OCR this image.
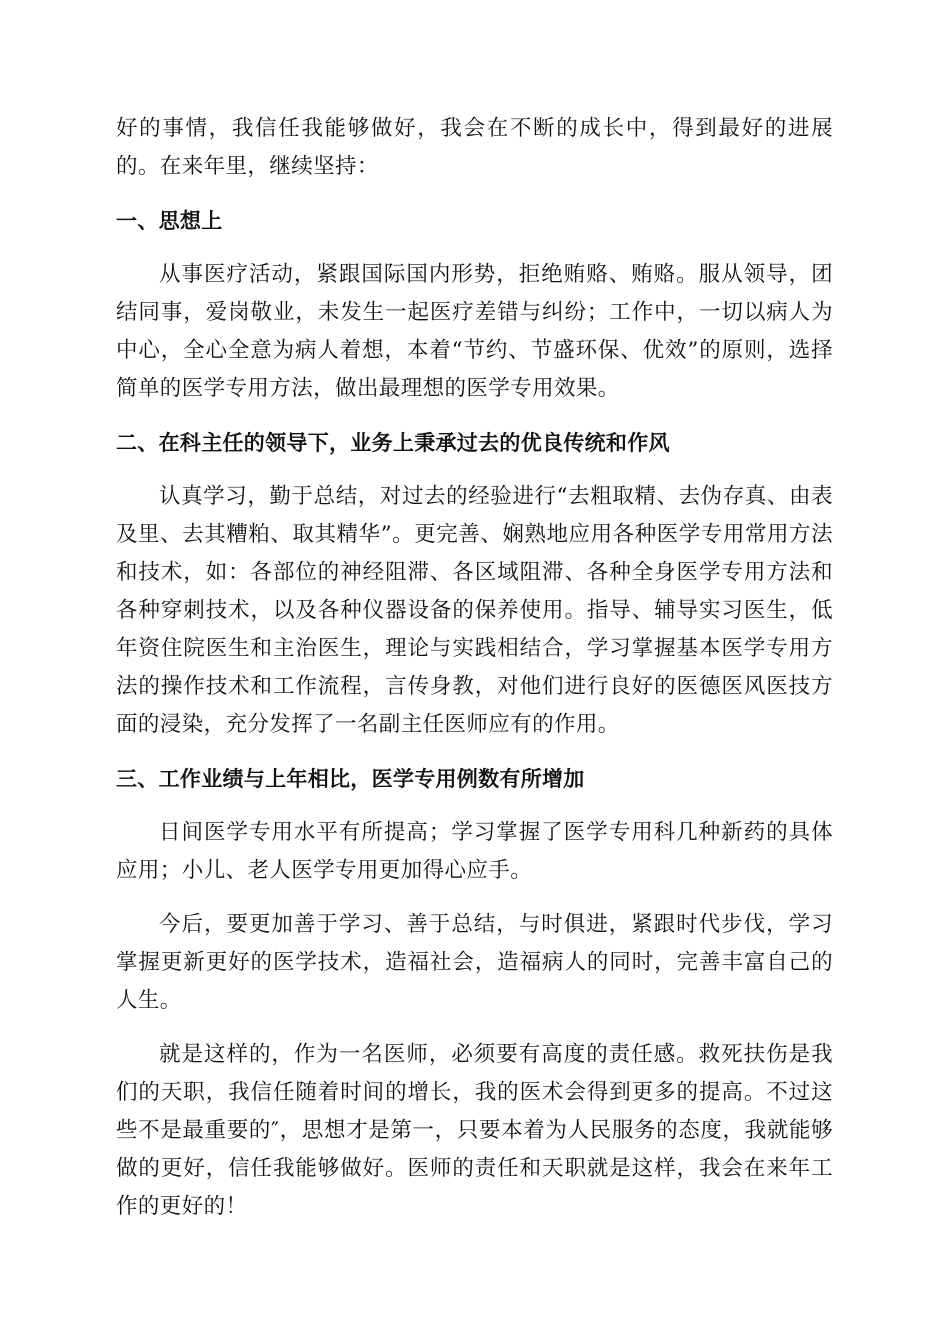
好的事情，我信任我能够做好，我会在不断的成长中，得到最好的进展的。在来年里，继续坚持：

一、思想上

从事医疗活动，紧跟国际国内形势，拒绝贿赂、贿赂。服从领导，团结同事，爱岗敬业，未发生一起医疗差错与纠纷；工作中，一切以病人为中心，全心全意为病人着想，本着“节约、节盛环保、优效”的原则，选择简单的医学专用方法，做出最理想的医学专用效果。

二、在科主任的领导下，业务上秉承过去的优良传统和作风

认真学习，勤于总结，对过去的经验进行“去粗取精、去伪存真、由表及里、去其糟粕、取其精华”。更完善、娴熟地应用各种医学专用常用方法和技术，如：各部位的神经阻滞、各区域阻滞、各种全身医学专用方法和各种穿刺技术，以及各种仪器设备的保养使用。指导、辅导实习医生，低年资住院医生和主治医生，理论与实践相结合，学习掌握基本医学专用方法的操作技术和工作流程，言传身教，对他们进行良好的医德医风医技方面的浸染，充分发挥了一名副主任医师应有的作用。

三、工作业绩与上年相比，医学专用例数有所增加

日间医学专用水平有所提高；学习掌握了医学专用科几种新药的具体应用；小儿、老人医学专用更加得心应手。

今后，要更加善于学习、善于总结，与时俱进，紧跟时代步伐，学习掌握更新更好的医学技术，造福社会，造福病人的同时，完善丰富自己的人生。

就是这样的，作为一名医师，必须要有高度的责任感。救死扶伤是我们的天职，我信任随着时间的增长，我的医术会得到更多的提高。不过这些不是最重要的″，思想才是第一，只要本着为人民服务的态度，我就能够做的更好，信任我能够做好。医师的责任和天职就是这样，我会在来年工作的更好的！
